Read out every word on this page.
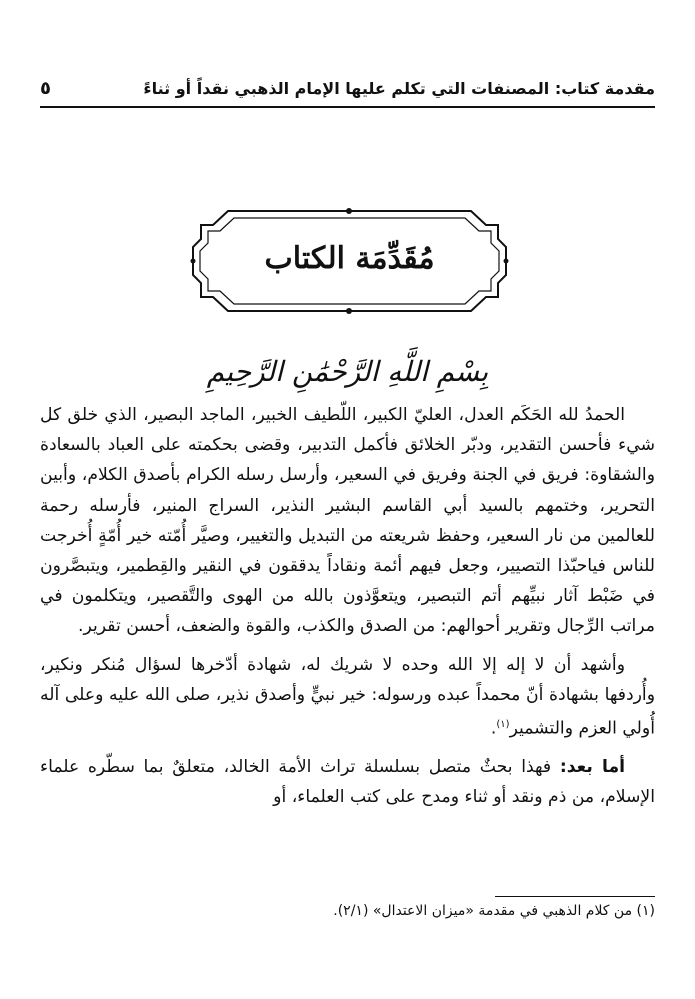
مقدمة كتاب: المصنفات التي تكلم عليها الإمام الذهبي نقداً أو ثناءً
٥
مُقَدِّمَة الكتاب
بِسْمِ اللَّهِ الرَّحْمَٰنِ الرَّحِيمِ

الحمدُ لله الحَكَم العدل، العليّ الكبير، اللّطيف الخبير، الماجد البصير، الذي خلق كل شيء فأحسن التقدير، ودبّر الخلائق فأكمل التدبير، وقضى بحكمته على العباد بالسعادة والشقاوة: فريق في الجنة وفريق في السعير، وأرسل رسله الكرام بأصدق الكلام، وأبين التحرير، وختمهم بالسيد أبي القاسم البشير النذير، السراج المنير، فأرسله رحمة للعالمين من نار السعير، وحفظ شريعته من التبديل والتغيير، وصيَّر أُمّته خير أُمّةٍ أُخرجت للناس فياحبّذا التصيير، وجعل فيهم أئمة ونقاداً يدققون في النقير والقِطمير، ويتبصَّرون في ضَبْط آثار نبيِّهم أتم التبصير، ويتعوَّذون بالله من الهوى والتَّقصير، ويتكلمون في مراتب الرِّجال وتقرير أحوالهم: من الصدق والكذب، والقوة والضعف، أحسن تقرير.

وأشهد أن لا إله إلا الله وحده لا شريك له، شهادة أدّخرها لسؤال مُنكر ونكير، وأُردفها بشهادة أنّ محمداً عبده ورسوله: خير نبيٍّ وأصدق نذير، صلى الله عليه وعلى آله أُولي العزم والتشمير$^{(١)}$.

أما بعد: فهذا بحثٌ متصل بسلسلة تراث الأمة الخالد، متعلقٌ بما سطّره علماء الإسلام، من ذم ونقد أو ثناء ومدح على كتب العلماء، أو

(١) من كلام الذهبي في مقدمة «ميزان الاعتدال» (٢/١).
